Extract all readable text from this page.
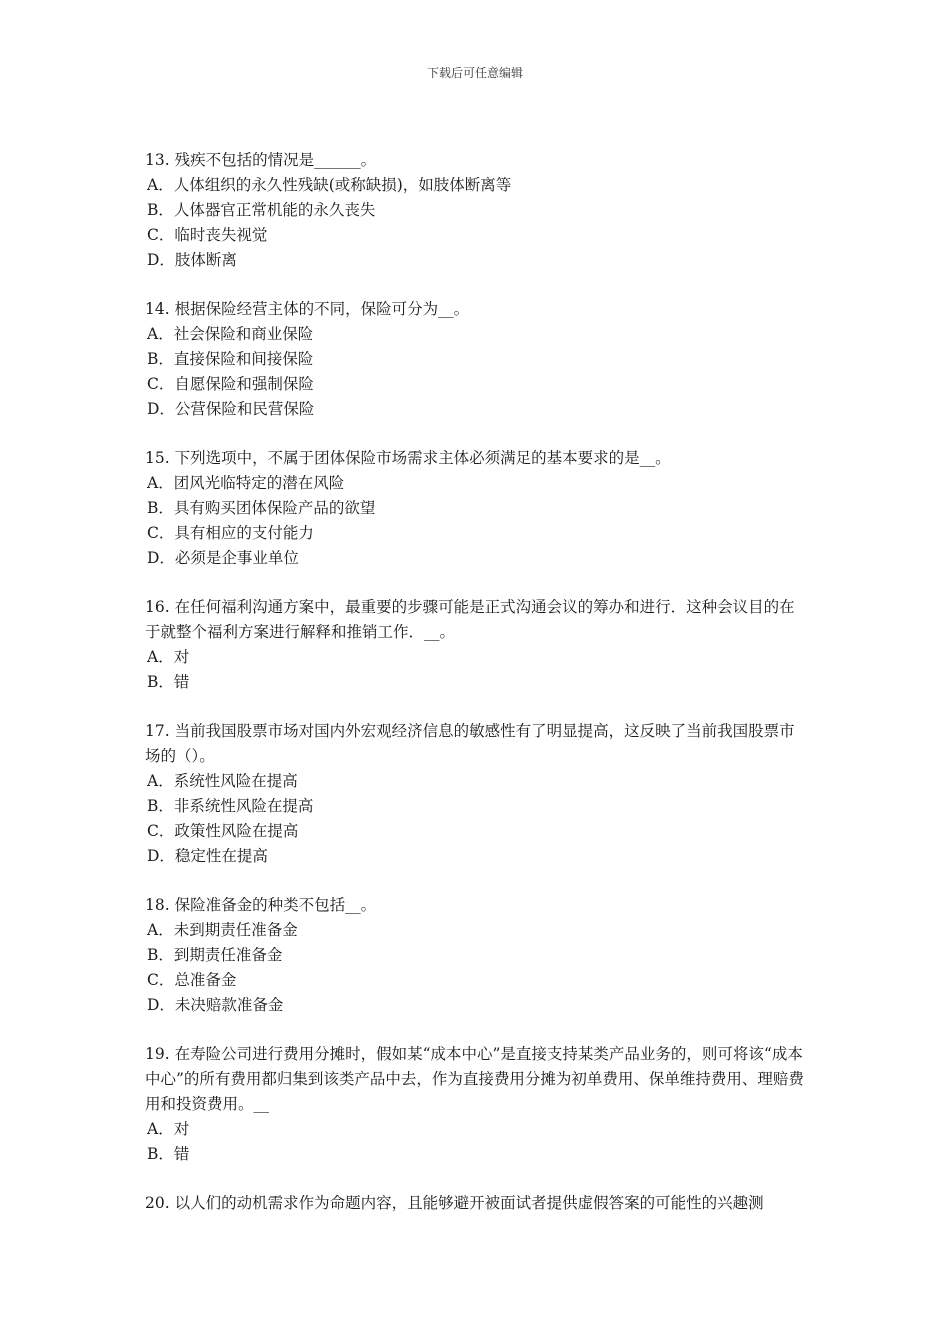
下载后可任意编辑

13. 残疾不包括的情况是______。

A．人体组织的永久性残缺(或称缺损)，如肢体断离等

B．人体器官正常机能的永久丧失

C．临时丧失视觉

D．肢体断离

14. 根据保险经营主体的不同，保险可分为__。

A．社会保险和商业保险

B．直接保险和间接保险

C．自愿保险和强制保险

D．公营保险和民营保险

15. 下列选项中，不属于团体保险市场需求主体必须满足的基本要求的是__。

A．团风光临特定的潜在风险

B．具有购买团体保险产品的欲望

C．具有相应的支付能力

D．必须是企事业单位

16. 在任何福利沟通方案中，最重要的步骤可能是正式沟通会议的筹办和进行．这种会议目的在于就整个福利方案进行解释和推销工作．__。

A．对

B．错

17. 当前我国股票市场对国内外宏观经济信息的敏感性有了明显提高，这反映了当前我国股票市场的（）。

A．系统性风险在提高

B．非系统性风险在提高

C．政策性风险在提高

D．稳定性在提高

18. 保险准备金的种类不包括__。

A．未到期责任准备金

B．到期责任准备金

C．总准备金

D．未决赔款准备金

19. 在寿险公司进行费用分摊时，假如某“成本中心”是直接支持某类产品业务的，则可将该“成本中心”的所有费用都归集到该类产品中去，作为直接费用分摊为初单费用、保单维持费用、理赔费用和投资费用。__

A．对

B．错

20. 以人们的动机需求作为命题内容，且能够避开被面试者提供虚假答案的可能性的兴趣测
